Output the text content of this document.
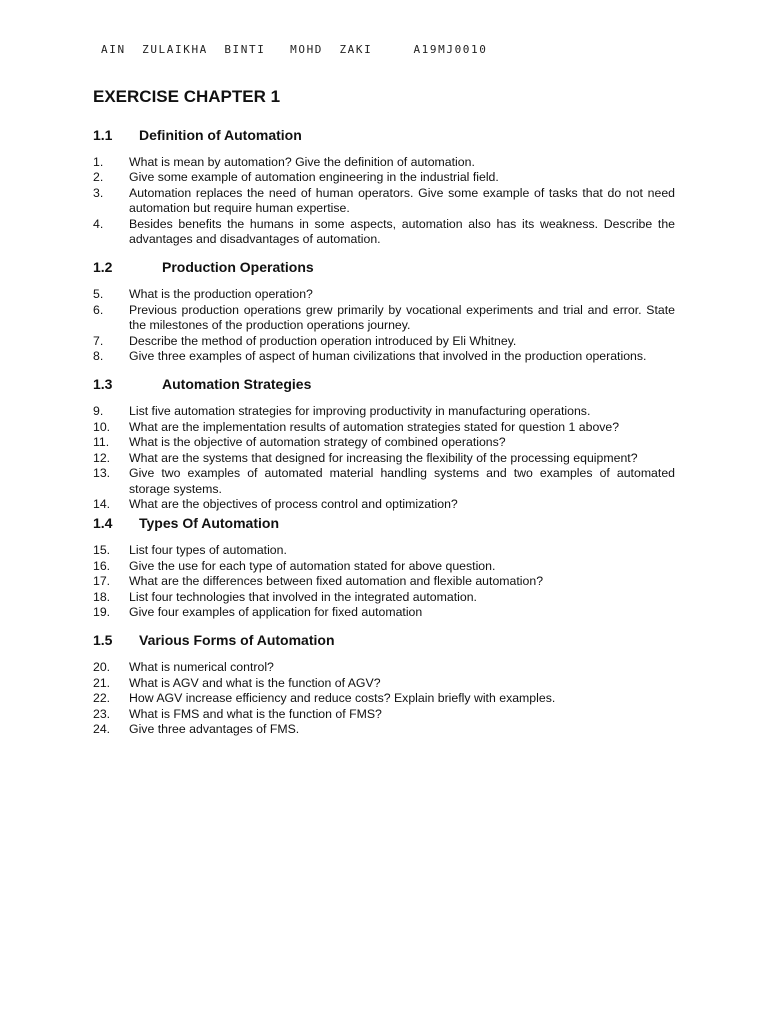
AIN  ZULAIKHA  BINTI   MOHD  ZAKI     A19MJ0010
EXERCISE CHAPTER 1
1.1	Definition of Automation
1.	What is mean by automation? Give the definition of automation.
2.	Give some example of automation engineering in the industrial field.
3.	Automation replaces the need of human operators. Give some example of tasks that do not need automation but require human expertise.
4.	Besides benefits the humans in some aspects, automation also has its weakness. Describe the advantages and disadvantages of automation.
1.2	Production Operations
5.	What is the production operation?
6.	Previous production operations grew primarily by vocational experiments and trial and error. State the milestones of the production operations journey.
7.	Describe the method of production operation introduced by Eli Whitney.
8.	Give three examples of aspect of human civilizations that involved in the production operations.
1.3	Automation Strategies
9.	List five automation strategies for improving productivity in manufacturing operations.
10.	What are the implementation results of automation strategies stated for question 1 above?
11.	What is the objective of automation strategy of combined operations?
12.	What are the systems that designed for increasing the flexibility of the processing equipment?
13.	Give two examples of automated material handling systems and two examples of automated storage systems.
14.	What are the objectives of process control and optimization?
1.4	Types Of Automation
15.	List four types of automation.
16.	Give the use for each type of automation stated for above question.
17.	What are the differences between fixed automation and flexible automation?
18.	List four technologies that involved in the integrated automation.
19.	Give four examples of application for fixed automation
1.5	Various Forms of Automation
20.	What is numerical control?
21.	What is AGV and what is the function of AGV?
22.	How AGV increase efficiency and reduce costs? Explain briefly with examples.
23.	What is FMS and what is the function of FMS?
24.	Give three advantages of FMS.
